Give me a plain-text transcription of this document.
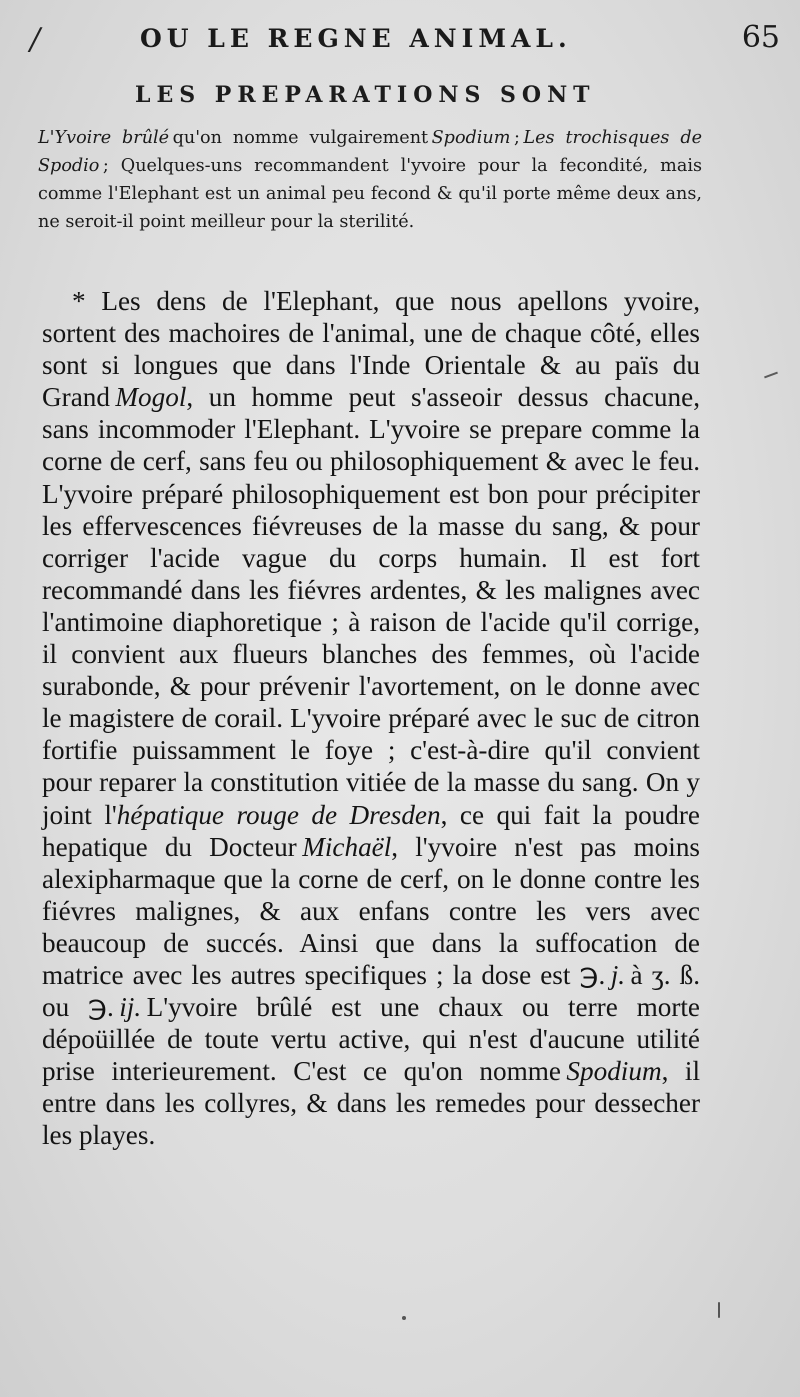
/	OU LE REGNE ANIMAL.	65
LES PREPARATIONS SONT

L'Yvoire brûlé  qu'on nomme vulgairement  Spodium  ;  Les trochisques de Spodio  ; Quelques-uns recommandent l'yvoire pour la fecondité, mais comme l'Elephant est un animal peu fecond & qu'il porte même deux ans, ne seroit-il point meilleur pour la sterilité.

* Les dens de l'Elephant, que nous apellons yvoire, sortent des machoires de l'animal, une de chaque côté, elles sont si longues que dans l'Inde Orientale & au païs du Grand  Mogol, un homme peut s'asseoir dessus chacune, sans incommoder l'Elephant. L'yvoire se prepare comme la corne de cerf, sans feu ou philosophiquement & avec le feu. L'yvoire préparé philosophiquement est bon pour précipiter les effervescences fiévreuses de la masse du sang, & pour corriger l'acide vague du corps humain. Il est fort recommandé dans les fiévres ardentes, & les malignes avec l'antimoine diaphoretique ; à raison de l'acide qu'il corrige, il convient aux flueurs blanches des femmes, où l'acide surabonde, & pour prévenir l'avortement, on le donne avec le magistere de corail. L'yvoire préparé avec le suc de citron fortifie puissamment le foye ; c'est-à-dire qu'il convient pour reparer la constitution vitiée de la masse du sang. On y joint l'hépatique rouge de Dresden, ce qui fait la poudre hepatique du Docteur  Michaël, l'yvoire n'est pas moins alexipharmaque que la corne de cerf, on le donne contre les fiévres malignes, & aux enfans contre les vers avec beaucoup de succés. Ainsi que dans la suffocation de matrice avec les autres specifiques ; la dose est ℈.  j.  à ʒ. ß. ou ℈.  ij.  L'yvoire brûlé est une chaux ou terre morte dépoüillée de toute vertu active, qui n'est d'aucune utilité prise interieurement. C'est ce qu'on nomme  Spodium, il entre dans les collyres, & dans les remedes pour dessecher les playes.
